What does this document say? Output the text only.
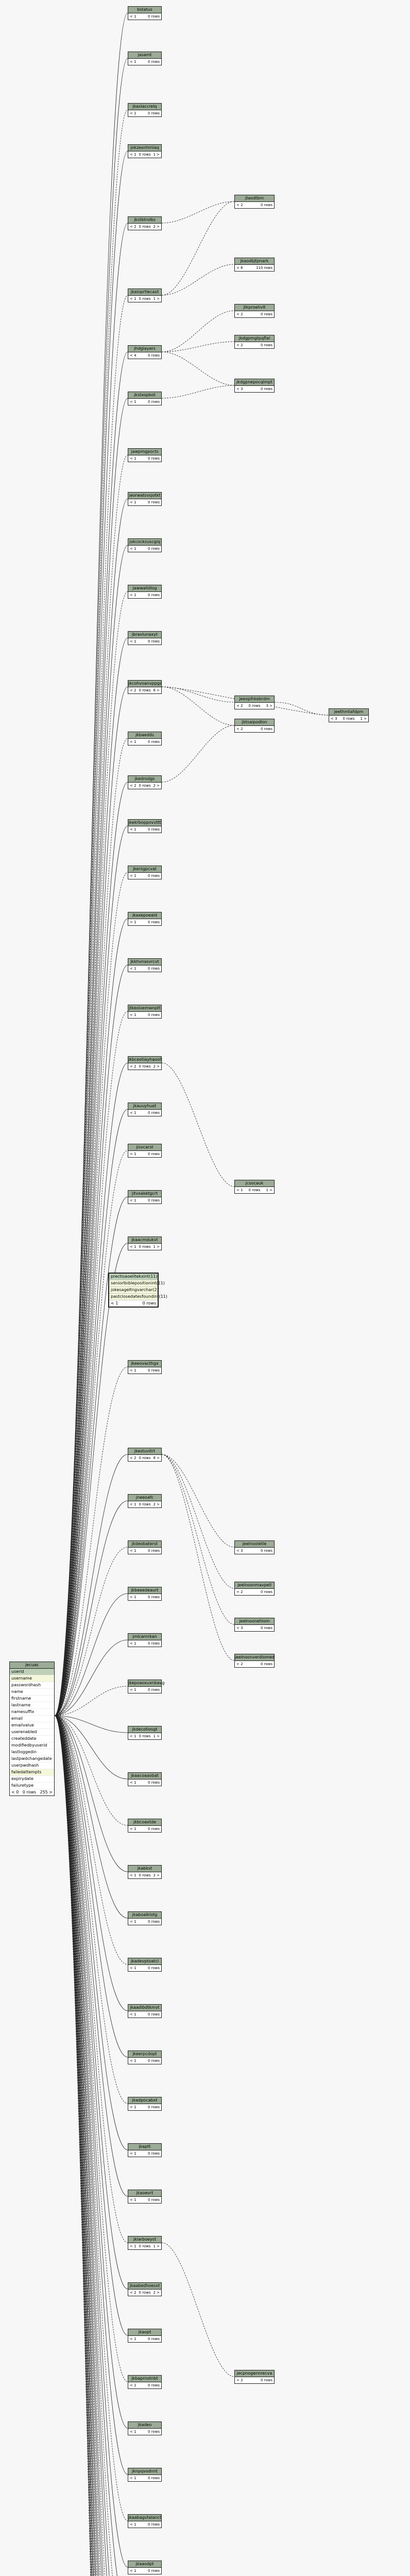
bstatus
< 1	0 rows
jasamt
< 1	0 rows
jkaslaccrelq
< 1	0 rows
jokzexnhmlaq
< 1 0 rows 1 >
jkstbtrolbs
< 2 0 rows 2 >
jkaloprtlecaxt
< 1 0 rows 1 >
jhdglayers
< 4	0 rows
jkstxopbot
< 1	0 rows
jawpmgpocts
< 1	0 rows
jeorwatsvsjotkt
< 1	0 rows
jokcocksuscgiq
< 1	0 rows
jawwalldlog
< 1	0 rows
jbravlunaxyt
< 1	0 rows
jkcohvoanvppgs
< 2 0 rows 8 >
jkbaedds
< 1	0 rows
jkedrodgs
< 2 0 rows 2 >
jkekrboppovvttt
< 1	0 rows
jkenlgpcvat
< 1	0 rows
jkaxepoeald
< 1	0 rows
jkkhvnasvrcvt
< 1	0 rows
jtkeolxemwnptt
< 1	0 rows
jkbceotiayhaoolt
< 2 0 rows 2 >
jkauuyhuat
< 1	0 rows
jisvcarst
< 1	0 rows
jitvxaketgcrt
< 1	0 rows
jkaacmdukvt
< 1 0 rows 1 >
jkeeovacthgx
< 1	0 rows
jkestuvitrt
< 2 0 rows 8 >
jneeoafc
< 1 0 rows 2 >
jkdeobaterst
< 1	0 rows
jkbeeedeaurt
< 1	0 rows
jmlcarnrkan
< 1	0 rows
jkepoaoxuxnbavg
< 1	0 rows
jkdecotlosgt
< 1 0 rows 1 >
jkaacoaaobat
< 1	0 rows
jkbcoaxtde
< 1	0 rows
jkabkst
< 1 0 rows 2 >
jkaboalklotg
< 1	0 rows
jkadevptoatcl
< 1	0 rows
jkaadlbdtkmvt
< 1	0 rows
jkeerpcdopt
< 1	0 rows
jkadpocabxt
< 1	0 rows
jkaptt
< 1	0 rows
jkaoeort
< 1	0 rows
jkiarboeyst
< 1 0 rows 1 >
jkaabedhoesxt
< 2 0 rows 2 >
jkaopt
< 1	0 rows
jkbaprnotnbt
< 1	0 rows
jkadeo
< 1	0 rows
jknpqvodnnt
< 1	0 rows
jkaabagvtalanct
< 1	0 rows
jkaaodpt
< 1	0 rows
jtaodtbm
< 2	0 rows
jkaodbjtpnark
< 6	110 rows
jtkproehvlt
< 2	0 rows
jkdgpmgtpqflal
< 2	0 rows
jkdgpnepocqlmpt
< 3	0 rows
jeeoplhkebrdm
< 2 0 rows 3 >
jbtsaipodlon
< 2	0 rows
jeethmtafdpm
< 3 0 rows 1 >
jcsocauk
< 1 0 rows 1 >
jeelnooletle
< 3	0 rows
jeelnoonmavpell
< 2	0 rows
jeelnoonehlom
< 3	0 rows
jeelnoonverdlomed
< 2	0 rows
jecpnogennrecva
< 2	0 rows
jecuas
userid
username
passwordhash
name
firstname
lastname
namesuffix
email
emailvalue
userenabled
createddate
modifiedbyuserid
lastloggedin
lastpwdchangedate
userpwdhash
failedattempts
expirydate
failuretype
< 0 0 rows 255 >
prectisaoelitekx int(11)
seniorlbibleposition int(11)
jokesageltng varchar(2)
pastclosedatesfound int(11)
< 1	0 rows
